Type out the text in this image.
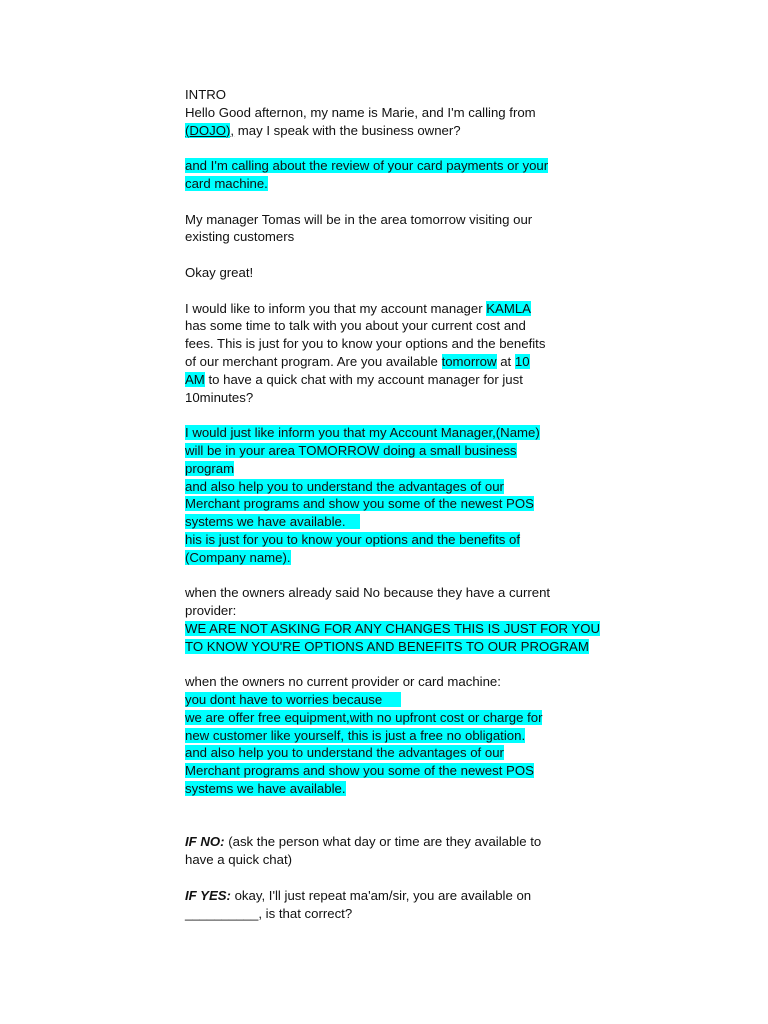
INTRO
Hello Good afternon, my name is Marie, and I'm calling from
(DOJO), may I speak with the business owner?
and I'm calling about the review of your card payments or your
card machine.
My manager Tomas will be in the area tomorrow visiting our
existing customers
Okay great!
I would like to inform you that my account manager KAMLA
has some time to talk with you about your current cost and
fees. This is just for you to know your options and the benefits
of our merchant program. Are you available tomorrow at 10
AM to have a quick chat with my account manager for just
10minutes?
I would just like inform you that my Account Manager,(Name)
will be in your area TOMORROW doing a small business
program
and also help you to understand the advantages of our
Merchant programs and show you some of the newest POS
systems we have available.
his is just for you to know your options and the benefits of
(Company name).
when the owners already said No because they have a current
provider:
WE ARE NOT ASKING FOR ANY CHANGES THIS IS JUST FOR YOU
TO KNOW YOU'RE OPTIONS AND BENEFITS TO OUR PROGRAM
when the owners no current provider or card machine:
you dont have to worries because
we are offer free equipment,with no upfront cost or charge for
new customer like yourself, this is just a free no obligation.
and also help you to understand the advantages of our
Merchant programs and show you some of the newest POS
systems we have available.
IF NO: (ask the person what day or time are they available to
have a quick chat)
IF YES: okay, I'll just repeat ma'am/sir, you are available on
__________, is that correct?
